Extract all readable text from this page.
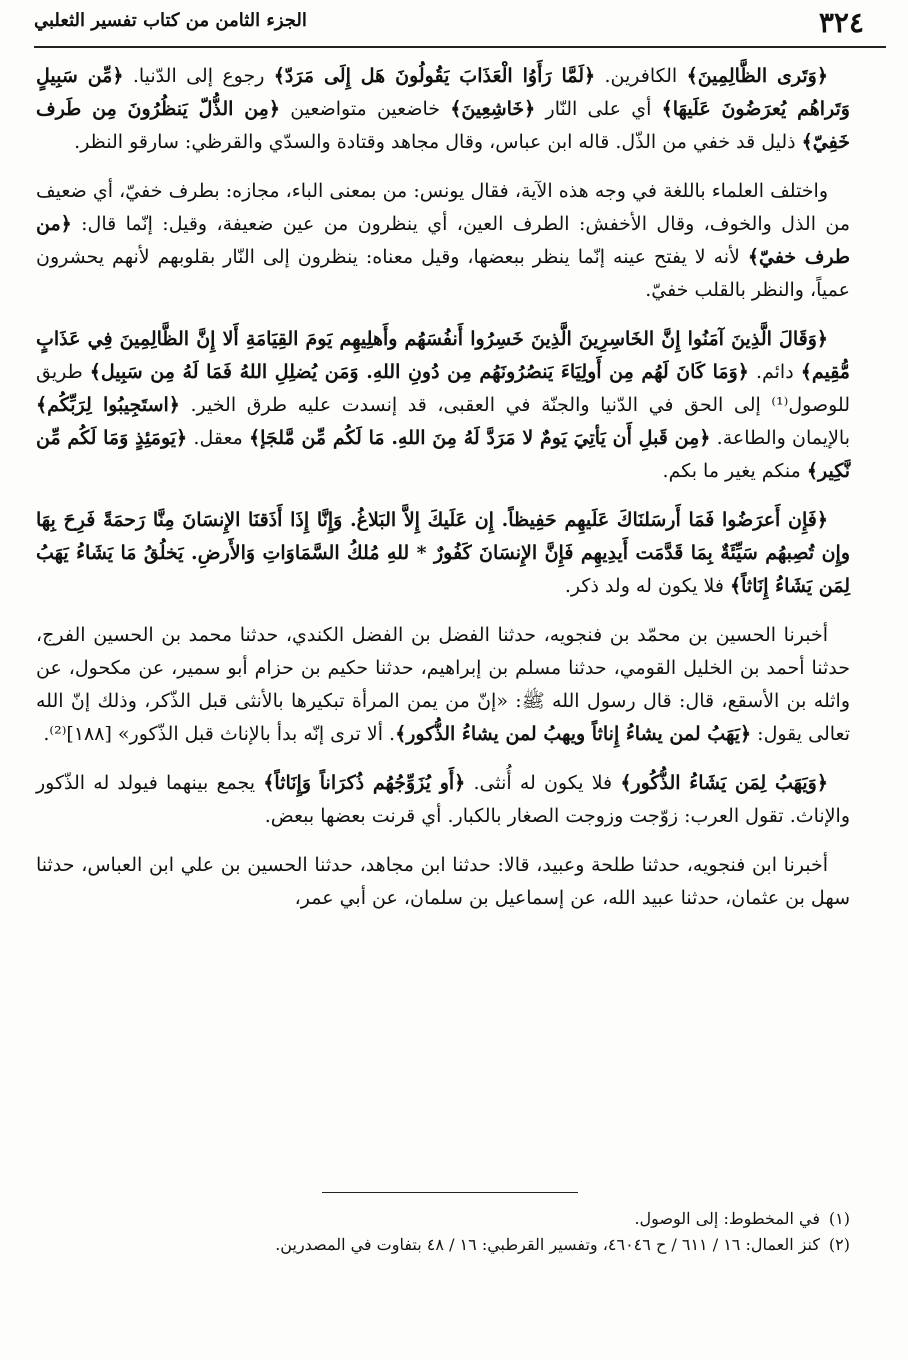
٣٢٤
الجزء الثامن من كتاب تفسير الثعلبي

﴿وَتَرى الظَّالِمِينَ﴾ الكافرين. ﴿لَمَّا رَأَوُا الْعَذَابَ يَقُولُونَ هَل إِلَى مَرَدّ﴾ رجوع إلى الدّنيا. ﴿مِّن سَبِيلٍ وَتَراهُم يُعرَضُونَ عَلَيهَا﴾ أي على النّار ﴿خَاشِعِينَ﴾ خاضعين متواضعين ﴿مِن الذُّلّ يَنظُرُونَ مِن طَرف خَفِيّ﴾ ذليل قد خفي من الذّل. قاله ابن عباس، وقال مجاهد وقتادة والسدّي والقرظي: سارقو النظر.

واختلف العلماء باللغة في وجه هذه الآية، فقال يونس: من بمعنى الباء، مجازه: بطرف خفيّ، أي ضعيف من الذل والخوف، وقال الأخفش: الطرف العين، أي ينظرون من عين ضعيفة، وقيل: إنّما قال: ﴿من طرف خفيّ﴾ لأنه لا يفتح عينه إنّما ينظر ببعضها، وقيل معناه: ينظرون إلى النّار بقلوبهم لأنهم يحشرون عمياً، والنظر بالقلب خفيّ.

﴿وَقَالَ الَّذِينَ آمَنُوا إِنَّ الخَاسِرِينَ الَّذِينَ خَسِرُوا أَنفُسَهُم وأَهلِيهِم يَومَ القِيَامَةِ أَلا إِنَّ الظَّالِمِينَ فِي عَذَابٍ مُّقِيم﴾ دائم. ﴿وَمَا كَانَ لَهُم مِن أَولِيَاءَ يَنصُرُونَهُم مِن دُونِ اللهِ. وَمَن يُضلِلِ اللهُ فَمَا لَهُ مِن سَبِيل﴾ طريق للوصول⁽¹⁾ إلى الحق في الدّنيا والجنّة في العقبى، قد إنسدت عليه طرق الخير. ﴿استَجِيبُوا لِرَبِّكُم﴾ بالإيمان والطاعة. ﴿مِن قَبلِ أَن يَأتِيَ يَومٌ لا مَرَدَّ لَهُ مِنَ اللهِ. مَا لَكُم مِّن مَّلجَإ﴾ معقل. ﴿يَومَئِذٍ وَمَا لَكُم مِّن نَّكِير﴾ منكم يغير ما بكم.

﴿فَإِن أَعرَضُوا فَمَا أَرسَلنَاكَ عَلَيهِم حَفِيظاً. إِن عَلَيكَ إِلاَّ البَلاغُ. وَإِنَّا إِذَا أَذَقنَا الإِنسَانَ مِنَّا رَحمَةً فَرِحَ بِهَا وإِن تُصِبهُم سَيِّئَةٌ بِمَا قَدَّمَت أَيدِيهِم فَإِنَّ الإِنسَانَ كَفُورٌ * للهِ مُلكُ السَّمَاوَاتِ وَالأَرضِ. يَخلُقُ مَا يَشَاءُ يَهَبُ لِمَن يَشَاءُ إِنَاثاً﴾ فلا يكون له ولد ذكر.

أخبرنا الحسين بن محمّد بن فنجويه، حدثنا الفضل بن الفضل الكندي، حدثنا محمد بن الحسين الفرج، حدثنا أحمد بن الخليل القومي، حدثنا مسلم بن إبراهيم، حدثنا حكيم بن حزام أبو سمير، عن مكحول، عن واثله بن الأسقع، قال: قال رسول الله ﷺ: «إنّ من يمن المرأة تبكيرها بالأنثى قبل الذّكر، وذلك إنّ الله تعالى يقول: ﴿يَهَبُ لمن يشاءُ إِناثاً ويهبُ لمن يشاءُ الذُّكور﴾. ألا ترى إنّه بدأ بالإناث قبل الذّكور» [١٨٨]⁽²⁾.

﴿وَيَهَبُ لِمَن يَشَاءُ الذُّكُور﴾ فلا يكون له أُنثى. ﴿أَو يُزَوِّجُهُم ذُكرَاناً وَإِنَاثاً﴾ يجمع بينهما فيولد له الذّكور والإناث. تقول العرب: زوّجت وزوجت الصغار بالكبار. أي قرنت بعضها ببعض.

أخبرنا ابن فنجويه، حدثنا طلحة وعبيد، قالا: حدثنا ابن مجاهد، حدثنا الحسين بن علي ابن العباس، حدثنا سهل بن عثمان، حدثنا عبيد الله، عن إسماعيل بن سلمان، عن أبي عمر،

(١)في المخطوط: إلى الوصول.

(٢)كنز العمال: ١٦ / ٦١١ / ح ٤٦٠٤٦، وتفسير القرطبي: ١٦ / ٤٨ بتفاوت في المصدرين.
